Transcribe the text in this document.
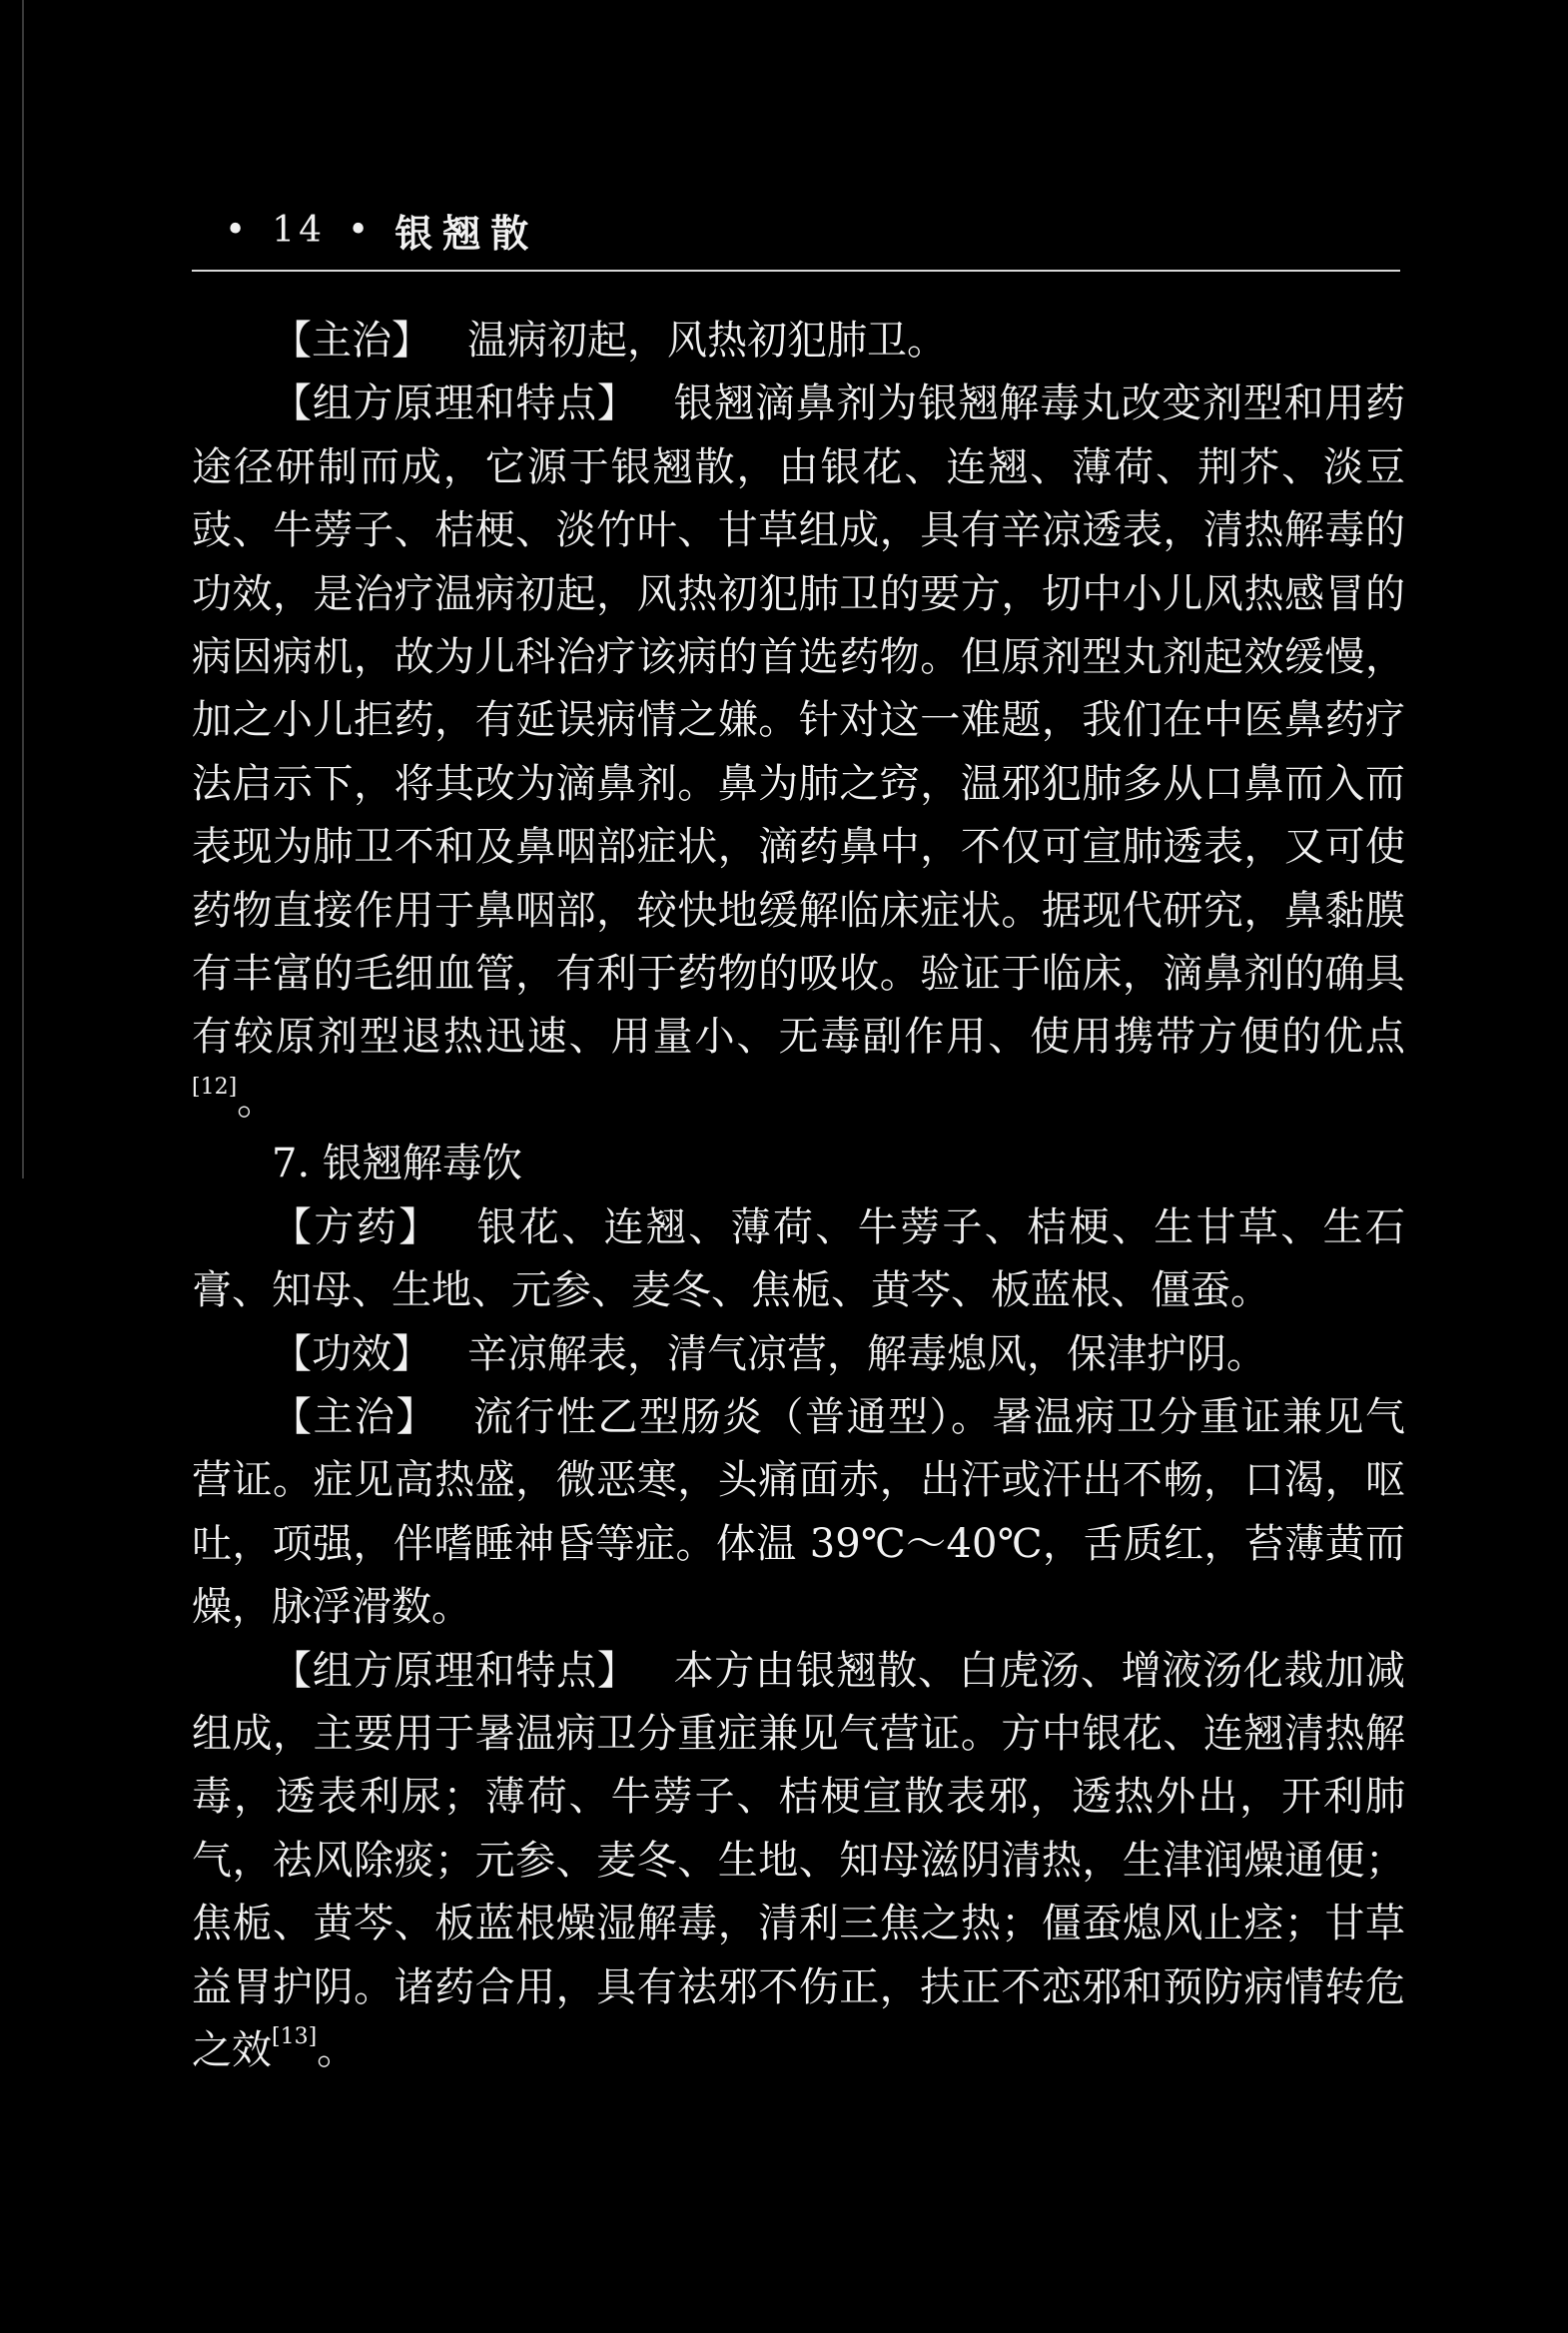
• 14 • 银翘散

【主治】 温病初起，风热初犯肺卫。

【组方原理和特点】 银翘滴鼻剂为银翘解毒丸改变剂型和用药途径研制而成，它源于银翘散，由银花、连翘、薄荷、荆芥、淡豆豉、牛蒡子、桔梗、淡竹叶、甘草组成，具有辛凉透表，清热解毒的功效，是治疗温病初起，风热初犯肺卫的要方，切中小儿风热感冒的病因病机，故为儿科治疗该病的首选药物。但原剂型丸剂起效缓慢，加之小儿拒药，有延误病情之嫌。针对这一难题，我们在中医鼻药疗法启示下，将其改为滴鼻剂。鼻为肺之窍，温邪犯肺多从口鼻而入而表现为肺卫不和及鼻咽部症状，滴药鼻中，不仅可宣肺透表，又可使药物直接作用于鼻咽部，较快地缓解临床症状。据现代研究，鼻黏膜有丰富的毛细血管，有利于药物的吸收。验证于临床，滴鼻剂的确具有较原剂型退热迅速、用量小、无毒副作用、使用携带方便的优点[12]。

7. 银翘解毒饮

【方药】 银花、连翘、薄荷、牛蒡子、桔梗、生甘草、生石膏、知母、生地、元参、麦冬、焦栀、黄芩、板蓝根、僵蚕。

【功效】 辛凉解表，清气凉营，解毒熄风，保津护阴。

【主治】 流行性乙型肠炎（普通型）。暑温病卫分重证兼见气营证。症见高热盛，微恶寒，头痛面赤，出汗或汗出不畅，口渴，呕吐，项强，伴嗜睡神昏等症。体温 39℃～40℃，舌质红，苔薄黄而燥，脉浮滑数。

【组方原理和特点】 本方由银翘散、白虎汤、增液汤化裁加减组成，主要用于暑温病卫分重症兼见气营证。方中银花、连翘清热解毒，透表利尿；薄荷、牛蒡子、桔梗宣散表邪，透热外出，开利肺气，祛风除痰；元参、麦冬、生地、知母滋阴清热，生津润燥通便；焦栀、黄芩、板蓝根燥湿解毒，清利三焦之热；僵蚕熄风止痉；甘草益胃护阴。诸药合用，具有祛邪不伤正，扶正不恋邪和预防病情转危之效[13]。
